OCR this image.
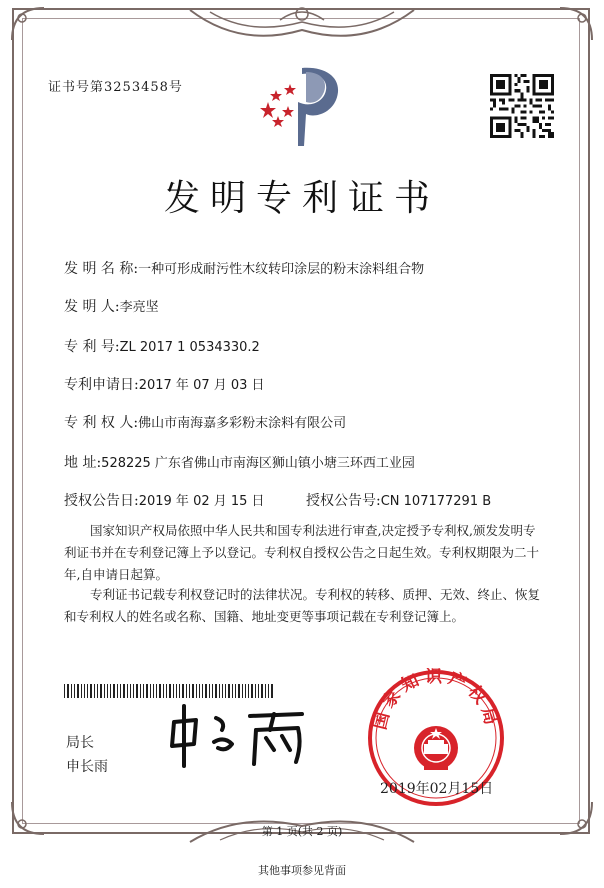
证书号第3253458号
发明专利证书
发 明 名 称:一种可形成耐污性木纹转印涂层的粉末涂料组合物
发 明 人:李亮坚
专 利 号:ZL 2017 1 0534330.2
专利申请日:2017 年 07 月 03 日
专 利 权 人:佛山市南海嘉多彩粉末涂料有限公司
地 址:528225 广东省佛山市南海区狮山镇小塘三环西工业园
授权公告日:2019 年 02 月 15 日	授权公告号:CN 107177291 B
国家知识产权局依照中华人民共和国专利法进行审查,决定授予专利权,颁发发明专利证书并在专利登记簿上予以登记。专利权自授权公告之日起生效。专利权期限为二十年,自申请日起算。
专利证书记载专利权登记时的法律状况。专利权的转移、质押、无效、终止、恢复和专利权人的姓名或名称、国籍、地址变更等事项记载在专利登记簿上。
局长
申长雨
国家知识产权局
2019年02月15日
第 1 页(共 2 页)
其他事项参见背面
